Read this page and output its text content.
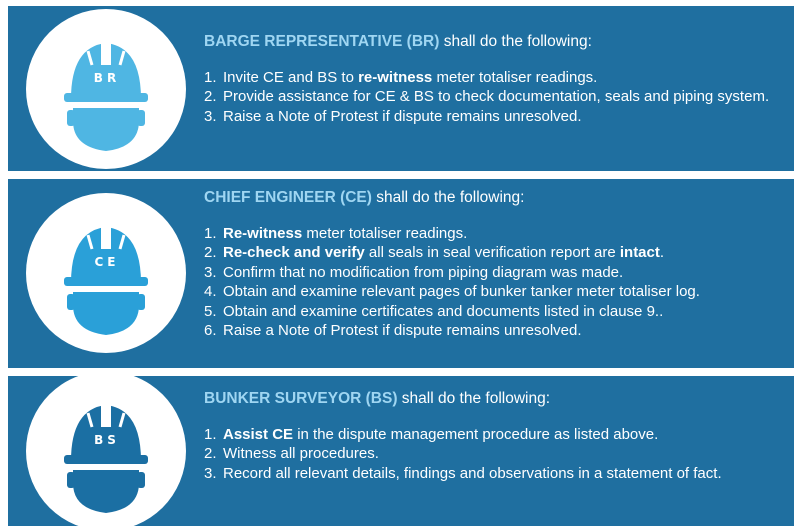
BR

BARGE REPRESENTATIVE (BR) shall do the following:

1. Invite CE and BS to re-witness meter totaliser readings.
2. Provide assistance for CE & BS to check documentation, seals and piping system.
3. Raise a Note of Protest if dispute remains unresolved.
CE

CHIEF ENGINEER (CE) shall do the following:

1. Re-witness meter totaliser readings.
2. Re-check and verify all seals in seal verification report are intact.
3. Confirm that no modification from piping diagram was made.
4. Obtain and examine relevant pages of bunker tanker meter totaliser log.
5. Obtain and examine certificates and documents listed in clause 9..
6. Raise a Note of Protest if dispute remains unresolved.
BS

BUNKER SURVEYOR (BS) shall do the following:

1. Assist CE in the dispute management procedure as listed above.
2. Witness all procedures.
3. Record all relevant details, findings and observations in a statement of fact.
